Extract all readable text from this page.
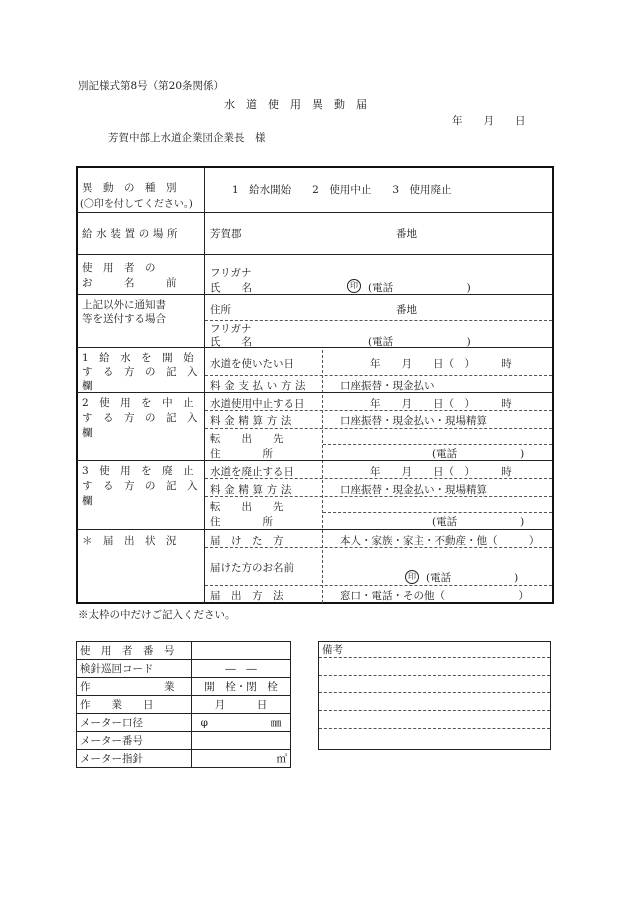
別記様式第8号（第20条関係）
水　道　使　用　異　動　届
年　　月　　日
芳賀中部上水道企業団企業長　様
異　動　の　種　別
(〇印を付してください。)
1　給水開始　　2　使用中止　　3　使用廃止
給水装置の場所	芳賀郡	番地
使　用　者　の
お　　　名　　　前
フリガナ
氏　　名	印 (電話　　　　　　　)
上記以外に通知書
等を送付する場合
住所	番地
フリガナ
氏　　名	(電話　　　　　　　)
1　給　水　を　開　始
す　る　方　の　記　入
欄
水道を使いたい日	年　　月　　日（　）　　　時
料金支払い方法	口座振替・現金払い
2　使　用　を　中　止
す　る　方　の　記　入
欄
水道使用中止する日	年　　月　　日（　）　　　時
料金精算方法	口座振替・現金払い・現場精算
転　　出　　先
住　　　　所	(電話　　　　　　)
3　使　用　を　廃　止
す　る　方　の　記　入
欄
水道を廃止する日	年　　月　　日（　）　　　時
料金精算方法	口座振替・現金払い・現場精算
転　　出　　先
住　　　　所	(電話　　　　　　)
＊　届　出　状　況	届　け　た　方	本人・家族・家主・不動産・他（　　　）
届けた方のお名前
印 (電話　　　　　　)
届　出　方　法	窓口・電話・その他（　　　　　　　）
※太枠の中だけご記入ください。
使　用　者　番　号	
検針巡回コード	―　―
作　　　　　　　業	開　栓・閉　栓
作　　業　　日	月　　　日
メーター口径	φ　　　　　　㎜
メーター番号	
メーター指針	㎥
備考
